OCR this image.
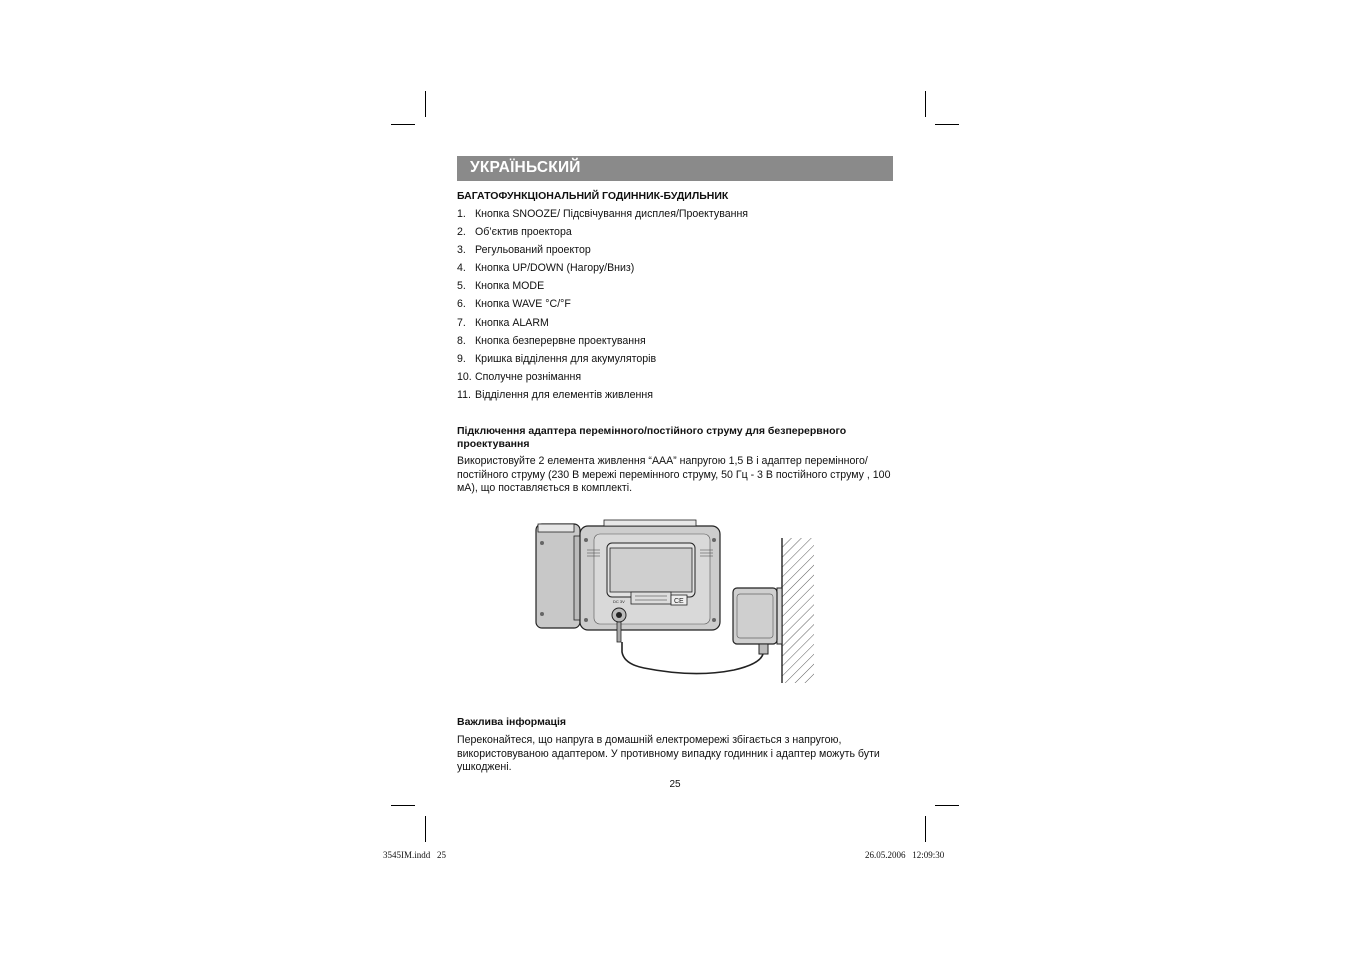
УКРАЇНЬСКИЙ
БАГАТОФУНКЦІОНАЛЬНИЙ ГОДИННИК-БУДИЛЬНИК
1. Кнопка SNOOZE/ Підсвічування дисплея/Проектування
2. Об’єктив проектора
3. Регульований проектор
4. Кнопка UP/DOWN (Нагору/Вниз)
5. Кнопка MODE
6. Кнопка WAVE °C/°F
7. Кнопка ALARM
8. Кнопка безперервне проектування
9. Кришка відділення для акумуляторів
10. Сполучне рознімання
11. Відділення для елементів живлення
Підключення адаптера перемінного/постійного струму для безперервного проектування
Використовуйте 2 елемента живлення “ААА” напругою 1,5 В і адаптер перемінного/постійного струму (230 В мережі перемінного струму, 50 Гц - 3 В постійного струму , 100 мА), що поставляється в комплекті.
DC 3V	CE
Важлива інформація
Переконайтеся, що напруга в домашній електромережі збігається з напругою, використовуваною адаптером. У противному випадку годинник і адаптер можуть бути ушкоджені.
25
3545IM.indd   25	26.05.2006   12:09:30
